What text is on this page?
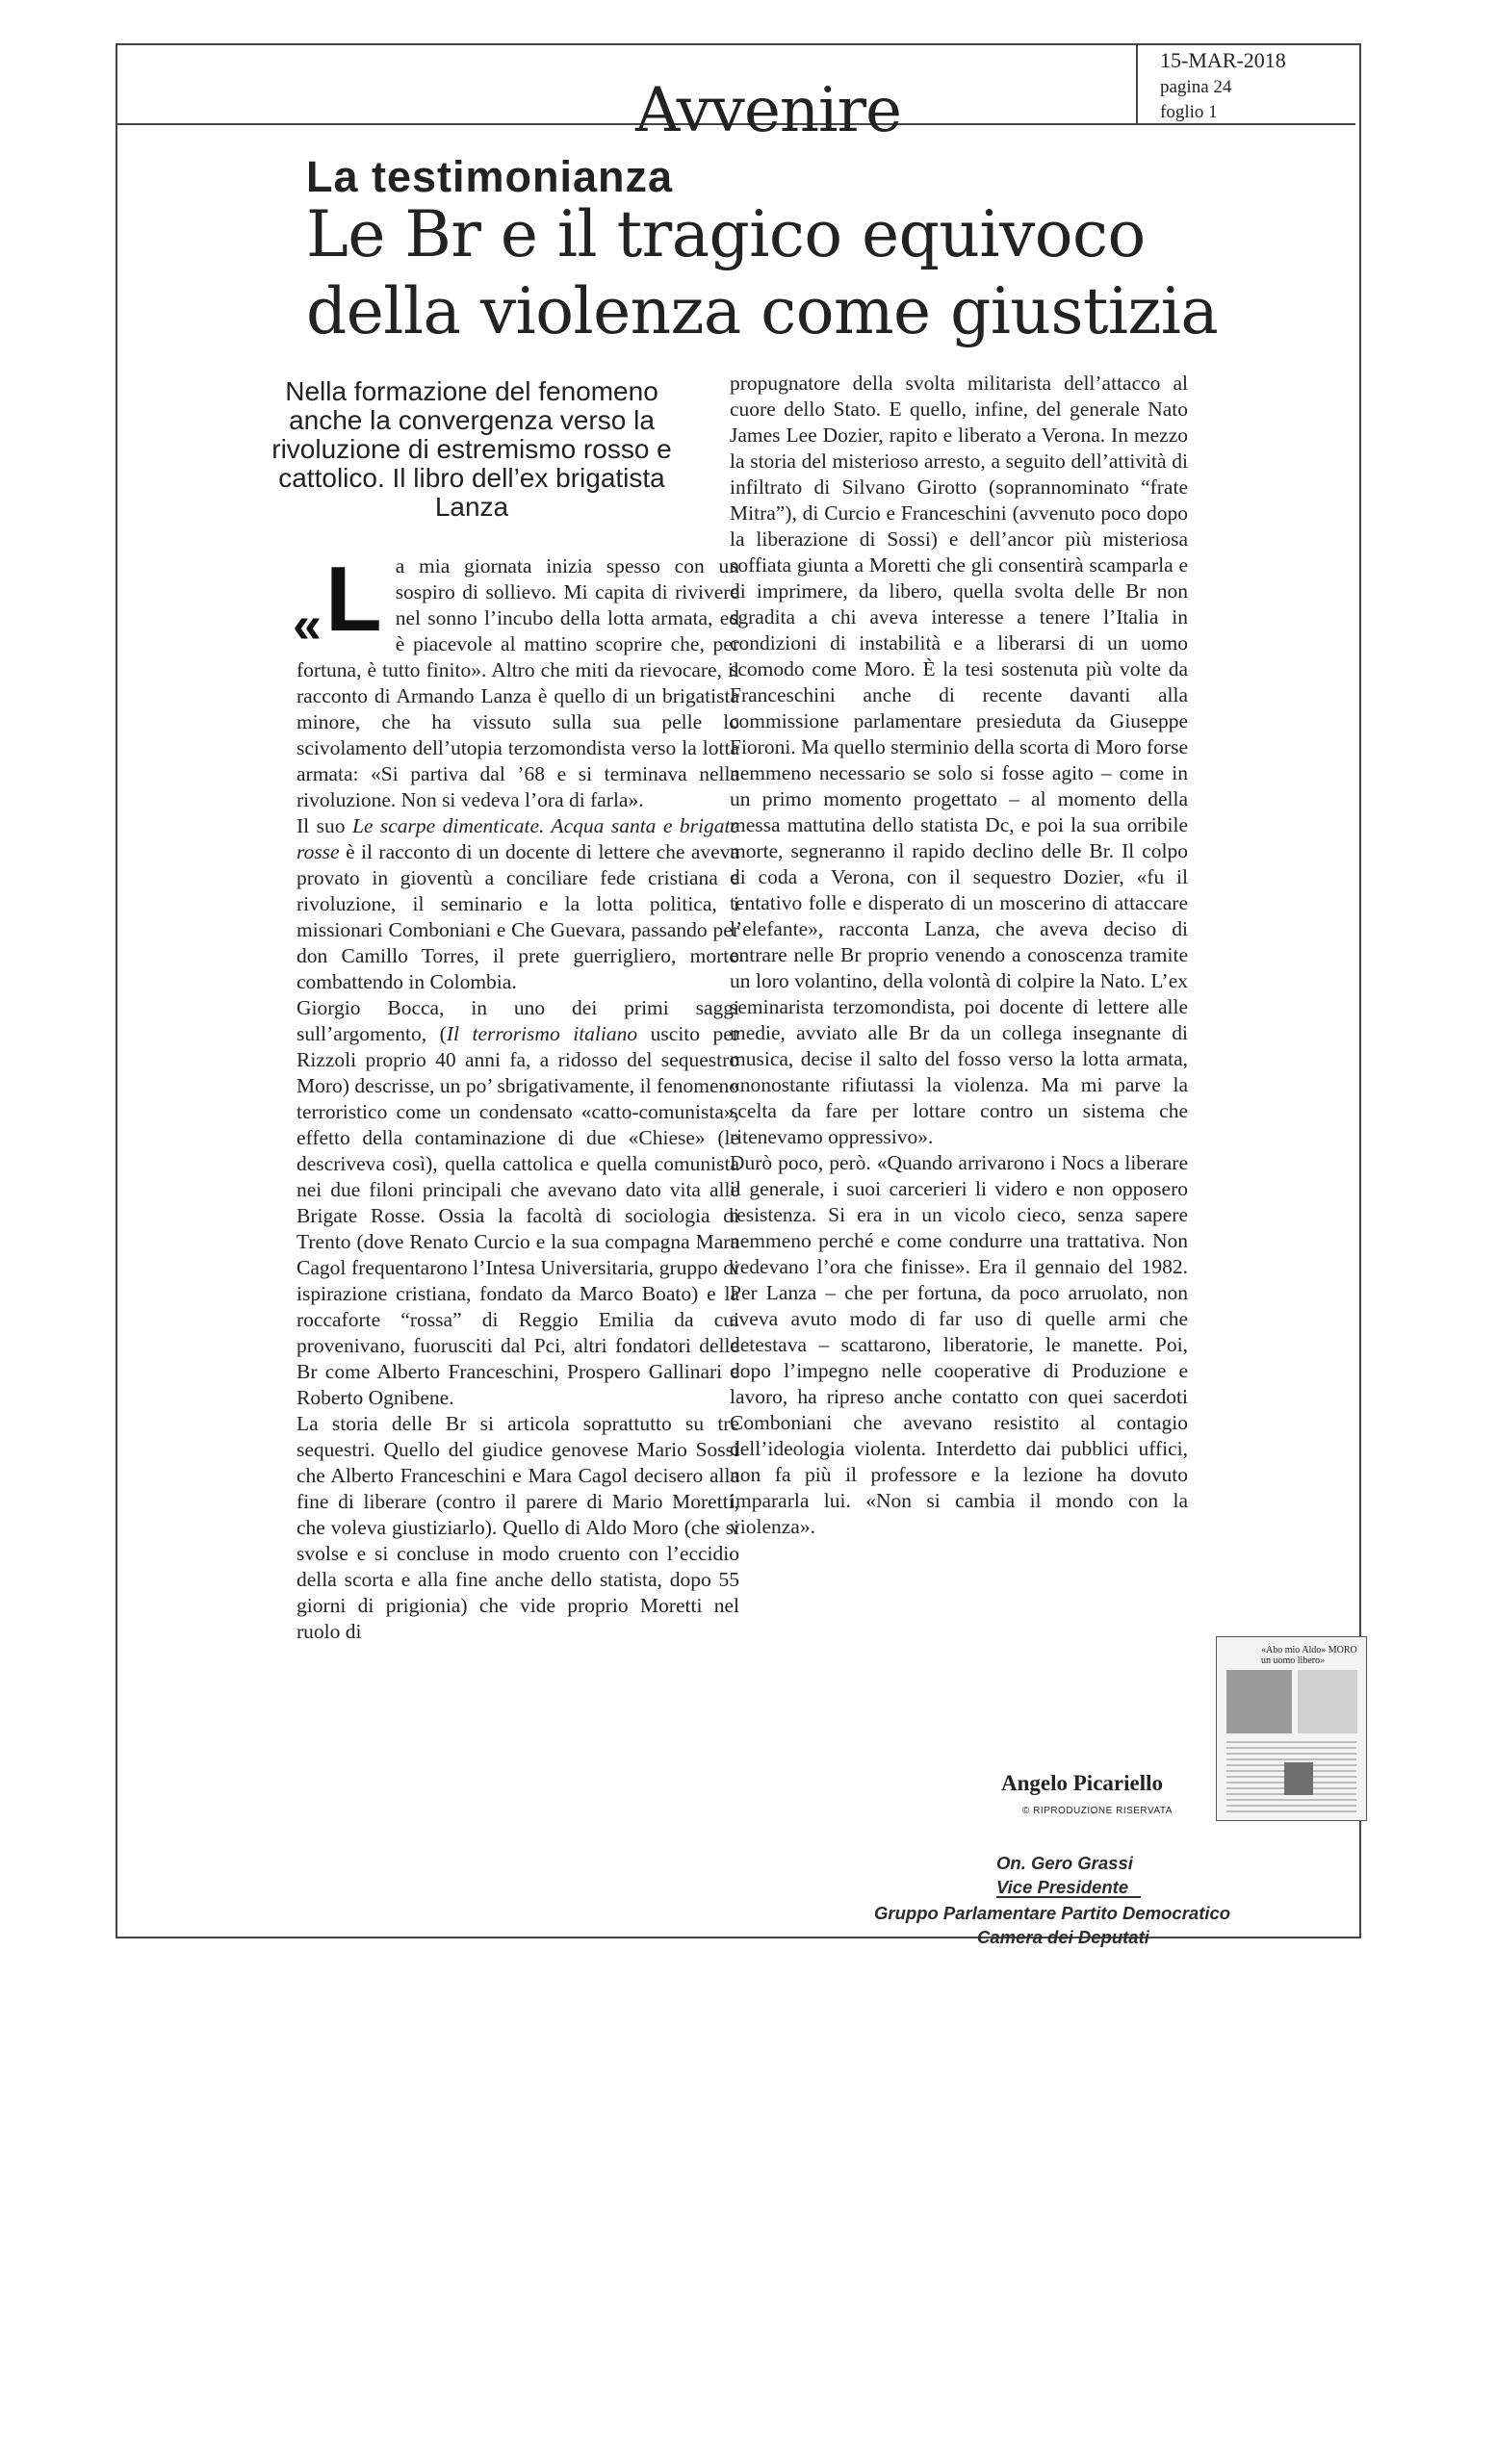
15-MAR-2018
pagina 24
foglio 1
Avvenire
La testimonianza
Le Br e il tragico equivoco
della violenza come giustizia
Nella formazione del fenomeno anche la convergenza verso la rivoluzione di estremismo rosso e cattolico. Il libro dell’ex brigatista Lanza
«L a mia giornata inizia spesso con un sospiro di sollievo. Mi capita di rivivere nel sonno l’incubo della lotta armata, ed è piacevole al mattino scoprire che, per fortuna, è tutto finito». Altro che miti da rievocare, il racconto di Armando Lanza è quello di un brigatista minore, che ha vissuto sulla sua pelle lo scivolamento dell’utopia terzomondista verso la lotta armata: «Si partiva dal ’68 e si terminava nella rivoluzione. Non si vedeva l’ora di farla».

Il suo Le scarpe dimenticate. Acqua santa e brigate rosse è il racconto di un docente di lettere che aveva provato in gioventù a conciliare fede cristiana e rivoluzione, il seminario e la lotta politica, i missionari Comboniani e Che Guevara, passando per don Camillo Torres, il prete guerrigliero, morto combattendo in Colombia.

Giorgio Bocca, in uno dei primi saggi sull’argomento, (Il terrorismo italiano uscito per Rizzoli proprio 40 anni fa, a ridosso del sequestro Moro) descrisse, un po’ sbrigativamente, il fenomeno terroristico come un condensato «catto-comunista», effetto della contaminazione di due «Chiese» (le descriveva così), quella cattolica e quella comunista nei due filoni principali che avevano dato vita alle Brigate Rosse. Ossia la facoltà di sociologia di Trento (dove Renato Curcio e la sua compagna Mara Cagol frequentarono l’Intesa Universitaria, gruppo di ispirazione cristiana, fondato da Marco Boato) e la roccaforte “rossa” di Reggio Emilia da cui provenivano, fuorusciti dal Pci, altri fondatori delle Br come Alberto Franceschini, Prospero Gallinari e Roberto Ognibene.

La storia delle Br si articola soprattutto su tre sequestri. Quello del giudice genovese Mario Sossi che Alberto Franceschini e Mara Cagol decisero alla fine di liberare (contro il parere di Mario Moretti, che voleva giustiziarlo). Quello di Aldo Moro (che si svolse e si concluse in modo cruento con l’eccidio della scorta e alla fine anche dello statista, dopo 55 giorni di prigionia) che vide proprio Moretti nel ruolo di

propugnatore della svolta militarista dell’attacco al cuore dello Stato. E quello, infine, del generale Nato James Lee Dozier, rapito e liberato a Verona. In mezzo la storia del misterioso arresto, a seguito dell’attività di infiltrato di Silvano Girotto (soprannominato “frate Mitra”), di Curcio e Franceschini (avvenuto poco dopo la liberazione di Sossi) e dell’ancor più misteriosa soffiata giunta a Moretti che gli consentirà scamparla e di imprimere, da libero, quella svolta delle Br non sgradita a chi aveva interesse a tenere l’Italia in condizioni di instabilità e a liberarsi di un uomo scomodo come Moro. È la tesi sostenuta più volte da Franceschini anche di recente davanti alla commissione parlamentare presieduta da Giuseppe Fioroni. Ma quello sterminio della scorta di Moro forse nemmeno necessario se solo si fosse agito – come in un primo momento progettato – al momento della messa mattutina dello statista Dc, e poi la sua orribile morte, segneranno il rapido declino delle Br. Il colpo di coda a Verona, con il sequestro Dozier, «fu il tentativo folle e disperato di un moscerino di attaccare l’elefante», racconta Lanza, che aveva deciso di entrare nelle Br proprio venendo a conoscenza tramite un loro volantino, della volontà di colpire la Nato. L’ex seminarista terzomondista, poi docente di lettere alle medie, avviato alle Br da un collega insegnante di musica, decise il salto del fosso verso la lotta armata, «nonostante rifiutassi la violenza. Ma mi parve la scelta da fare per lottare contro un sistema che ritenevamo oppressivo».

Durò poco, però. «Quando arrivarono i Nocs a liberare il generale, i suoi carcerieri li videro e non opposero resistenza. Si era in un vicolo cieco, senza sapere nemmeno perché e come condurre una trattativa. Non vedevano l’ora che finisse». Era il gennaio del 1982. Per Lanza – che per fortuna, da poco arruolato, non aveva avuto modo di far uso di quelle armi che detestava – scattarono, liberatorie, le manette. Poi, dopo l’impegno nelle cooperative di Produzione e lavoro, ha ripreso anche contatto con quei sacerdoti Comboniani che avevano resistito al contagio dell’ideologia violenta. Interdetto dai pubblici uffici, non fa più il professore e la lezione ha dovuto impararla lui. «Non si cambia il mondo con la violenza».

Angelo Picariello
© RIPRODUZIONE RISERVATA
«Abo mio Aldo» MORO un uomo libero»
On. Gero Grassi
Vice Presidente
Gruppo Parlamentare Partito Democratico
Camera dei Deputati
